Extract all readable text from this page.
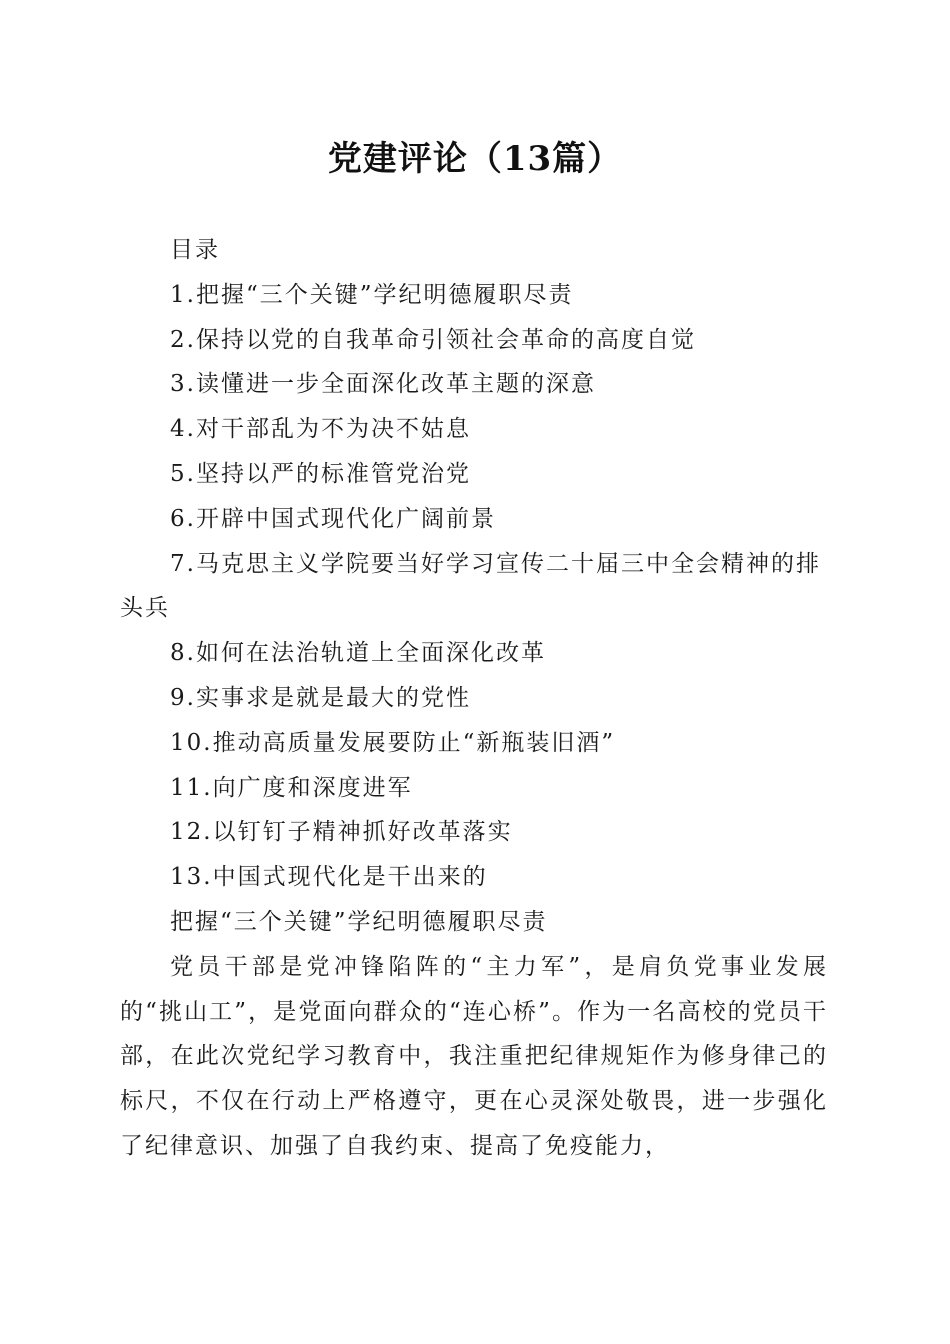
党建评论（13篇）

目录

1.把握“三个关键”学纪明德履职尽责
2.保持以党的自我革命引领社会革命的高度自觉
3.读懂进一步全面深化改革主题的深意
4.对干部乱为不为决不姑息
5.坚持以严的标准管党治党
6.开辟中国式现代化广阔前景
7.马克思主义学院要当好学习宣传二十届三中全会精神的排头兵
8.如何在法治轨道上全面深化改革
9.实事求是就是最大的党性
10.推动高质量发展要防止“新瓶装旧酒”
11.向广度和深度进军
12.以钉钉子精神抓好改革落实
13.中国式现代化是干出来的

把握“三个关键”学纪明德履职尽责

党员干部是党冲锋陷阵的“主力军”，是肩负党事业发展的“挑山工”，是党面向群众的“连心桥”。作为一名高校的党员干部，在此次党纪学习教育中，我注重把纪律规矩作为修身律己的标尺，不仅在行动上严格遵守，更在心灵深处敬畏，进一步强化了纪律意识、加强了自我约束、提高了免疫能力，
